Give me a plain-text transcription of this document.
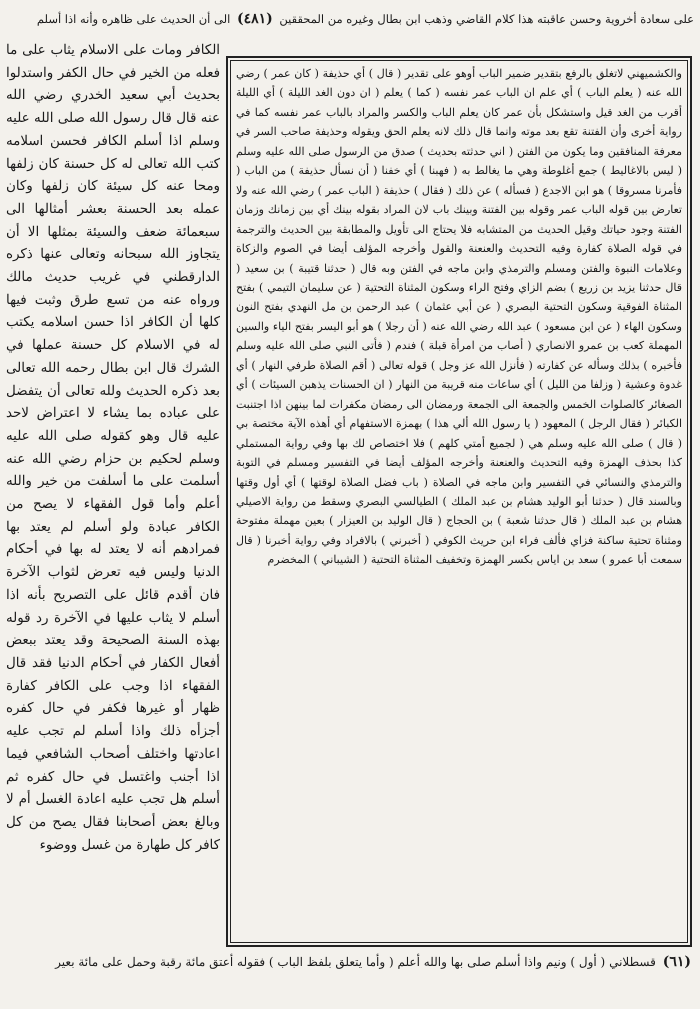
على سعادة أخروية وحسن عاقبته هذا كلام القاضي وذهب ابن بطال وغيره من المحققين (٤٨١) الى أن الحديث على ظاهره وأنه اذا أسلم

والكشميهني لاتغلق بالرفع بتقدير ضمير الباب أوهو على تقدير ( قال ) أي حذيفة ( كان عمر ) رضي الله عنه ( يعلم الباب ) أي علم ان الباب عمر نفسه ( كما ) يعلم ( ان دون الغد الليلة ) أي الليلة أقرب من الغد قيل واستشكل بأن عمر كان يعلم الباب والكسر والمراد بالباب عمر نفسه كما في رواية أخرى وأن الفتنة تقع بعد موته وانما قال ذلك لانه يعلم الحق ويقوله وحذيفة صاحب السر في معرفة المنافقين وما يكون من الفتن ( اني حدثته بحديث ) صدق من الرسول صلى الله عليه وسلم ( ليس بالاغاليط ) جمع أغلوطة وهي ما يغالط به ( فهبنا ) أي خفنا ( أن نسأل حذيفة ) من الباب ( فأمرنا مسروقا ) هو ابن الاجدع ( فسأله ) عن ذلك ( فقال ) حذيفة ( الباب عمر ) رضي الله عنه ولا تعارض بين قوله الباب عمر وقوله بين الفتنة وبينك باب لان المراد بقوله بينك أي بين زمانك وزمان الفتنة وجود حياتك وقيل الحديث من المتشابه فلا يحتاج الى تأويل والمطابقة بين الحديث والترجمة في قوله الصلاة كفارة وفيه التحديث والعنعنة والقول وأخرجه المؤلف أيضا في الصوم والزكاة وعلامات النبوة والفتن ومسلم والترمذي وابن ماجه في الفتن وبه قال ( حدثنا قتيبة ) بن سعيد ( قال حدثنا يزيد بن زريع ) بضم الزاي وفتح الراء وسكون المثناة التحتية ( عن سليمان التيمي ) بفتح المثناة الفوقية وسكون التحتية البصري ( عن أبي عثمان ) عبد الرحمن بن مل النهدي بفتح النون وسكون الهاء ( عن ابن مسعود ) عبد الله رضي الله عنه ( أن رجلا ) هو أبو اليسر بفتح الياء والسين المهملة كعب بن عمرو الانصاري ( أصاب من امرأة قبلة ) فندم ( فأتى النبي صلى الله عليه وسلم فأخبره ) بذلك وسأله عن كفارته ( فأنزل الله عز وجل ) قوله تعالى ( أقم الصلاة طرفي النهار ) أي غدوة وعشية ( وزلفا من الليل ) أي ساعات منه قريبة من النهار ( ان الحسنات يذهبن السيئات ) أي الصغائر كالصلوات الخمس والجمعة الى الجمعة ورمضان الى رمضان مكفرات لما بينهن اذا اجتنبت الكبائر ( فقال الرجل ) المعهود ( يا رسول الله ألي هذا ) بهمزة الاستفهام أي أهذه الآية مختصة بي ( قال ) صلى الله عليه وسلم هي ( لجميع أمتي كلهم ) فلا اختصاص لك بها وفي رواية المستملي كذا بحذف الهمزة وفيه التحديث والعنعنة وأخرجه المؤلف أيضا في التفسير ومسلم في التوبة والترمذي والنسائي في التفسير وابن ماجه في الصلاة ( باب فضل الصلاة لوقتها ) أي أول وقتها وبالسند قال ( حدثنا أبو الوليد هشام بن عبد الملك ) الطيالسي البصري وسقط من رواية الاصيلي هشام بن عبد الملك ( قال حدثنا شعبة ) بن الحجاج ( قال الوليد بن العيزار ) بعين مهملة مفتوحة ومثناة تحتية ساكنة فزاي فألف فراء ابن حريث الكوفي ( أخبرني ) بالافراد وفي رواية أخبرنا ( قال سمعت أبا عمرو ) سعد بن اياس بكسر الهمزة وتخفيف المثناة التحتية ( الشيباني ) المخضرم

الكافر ومات على الاسلام يثاب على ما فعله من الخير في حال الكفر واستدلوا بحديث أبي سعيد الخدري رضي الله عنه قال قال رسول الله صلى الله عليه وسلم اذا أسلم الكافر فحسن اسلامه كتب الله تعالى له كل حسنة كان زلفها ومحا عنه كل سيئة كان زلفها وكان عمله بعد الحسنة بعشر أمثالها الى سبعمائة ضعف والسيئة بمثلها الا أن يتجاوز الله سبحانه وتعالى عنها ذكره الدارقطني في غريب حديث مالك ورواه عنه من تسع طرق وثبت فيها كلها أن الكافر اذا حسن اسلامه يكتب له في الاسلام كل حسنة عملها في الشرك قال ابن بطال رحمه الله تعالى بعد ذكره الحديث ولله تعالى أن يتفضل على عباده بما يشاء لا اعتراض لاحد عليه قال وهو كقوله صلى الله عليه وسلم لحكيم بن حزام رضي الله عنه أسلمت على ما أسلفت من خير والله أعلم وأما قول الفقهاء لا يصح من الكافر عبادة ولو أسلم لم يعتد بها فمرادهم أنه لا يعتد له بها في أحكام الدنيا وليس فيه تعرض لثواب الآخرة فان أقدم قائل على التصريح بأنه اذا أسلم لا يثاب عليها في الآخرة رد قوله بهذه السنة الصحيحة وقد يعتد ببعض أفعال الكفار في أحكام الدنيا فقد قال الفقهاء اذا وجب على الكافر كفارة ظهار أو غيرها فكفر في حال كفره أجزأه ذلك واذا أسلم لم تجب عليه اعادتها واختلف أصحاب الشافعي فيما اذا أجنب واغتسل في حال كفره ثم أسلم هل تجب عليه اعادة الغسل أم لا وبالغ بعض أصحابنا فقال يصح من كل كافر كل طهارة من غسل ووضوء

(٦١) قسطلاني ( أول ) ونيم واذا أسلم صلى بها والله أعلم ( وأما يتعلق بلفظ الباب ) فقوله أعتق مائة رقبة وحمل على مائة بعير
